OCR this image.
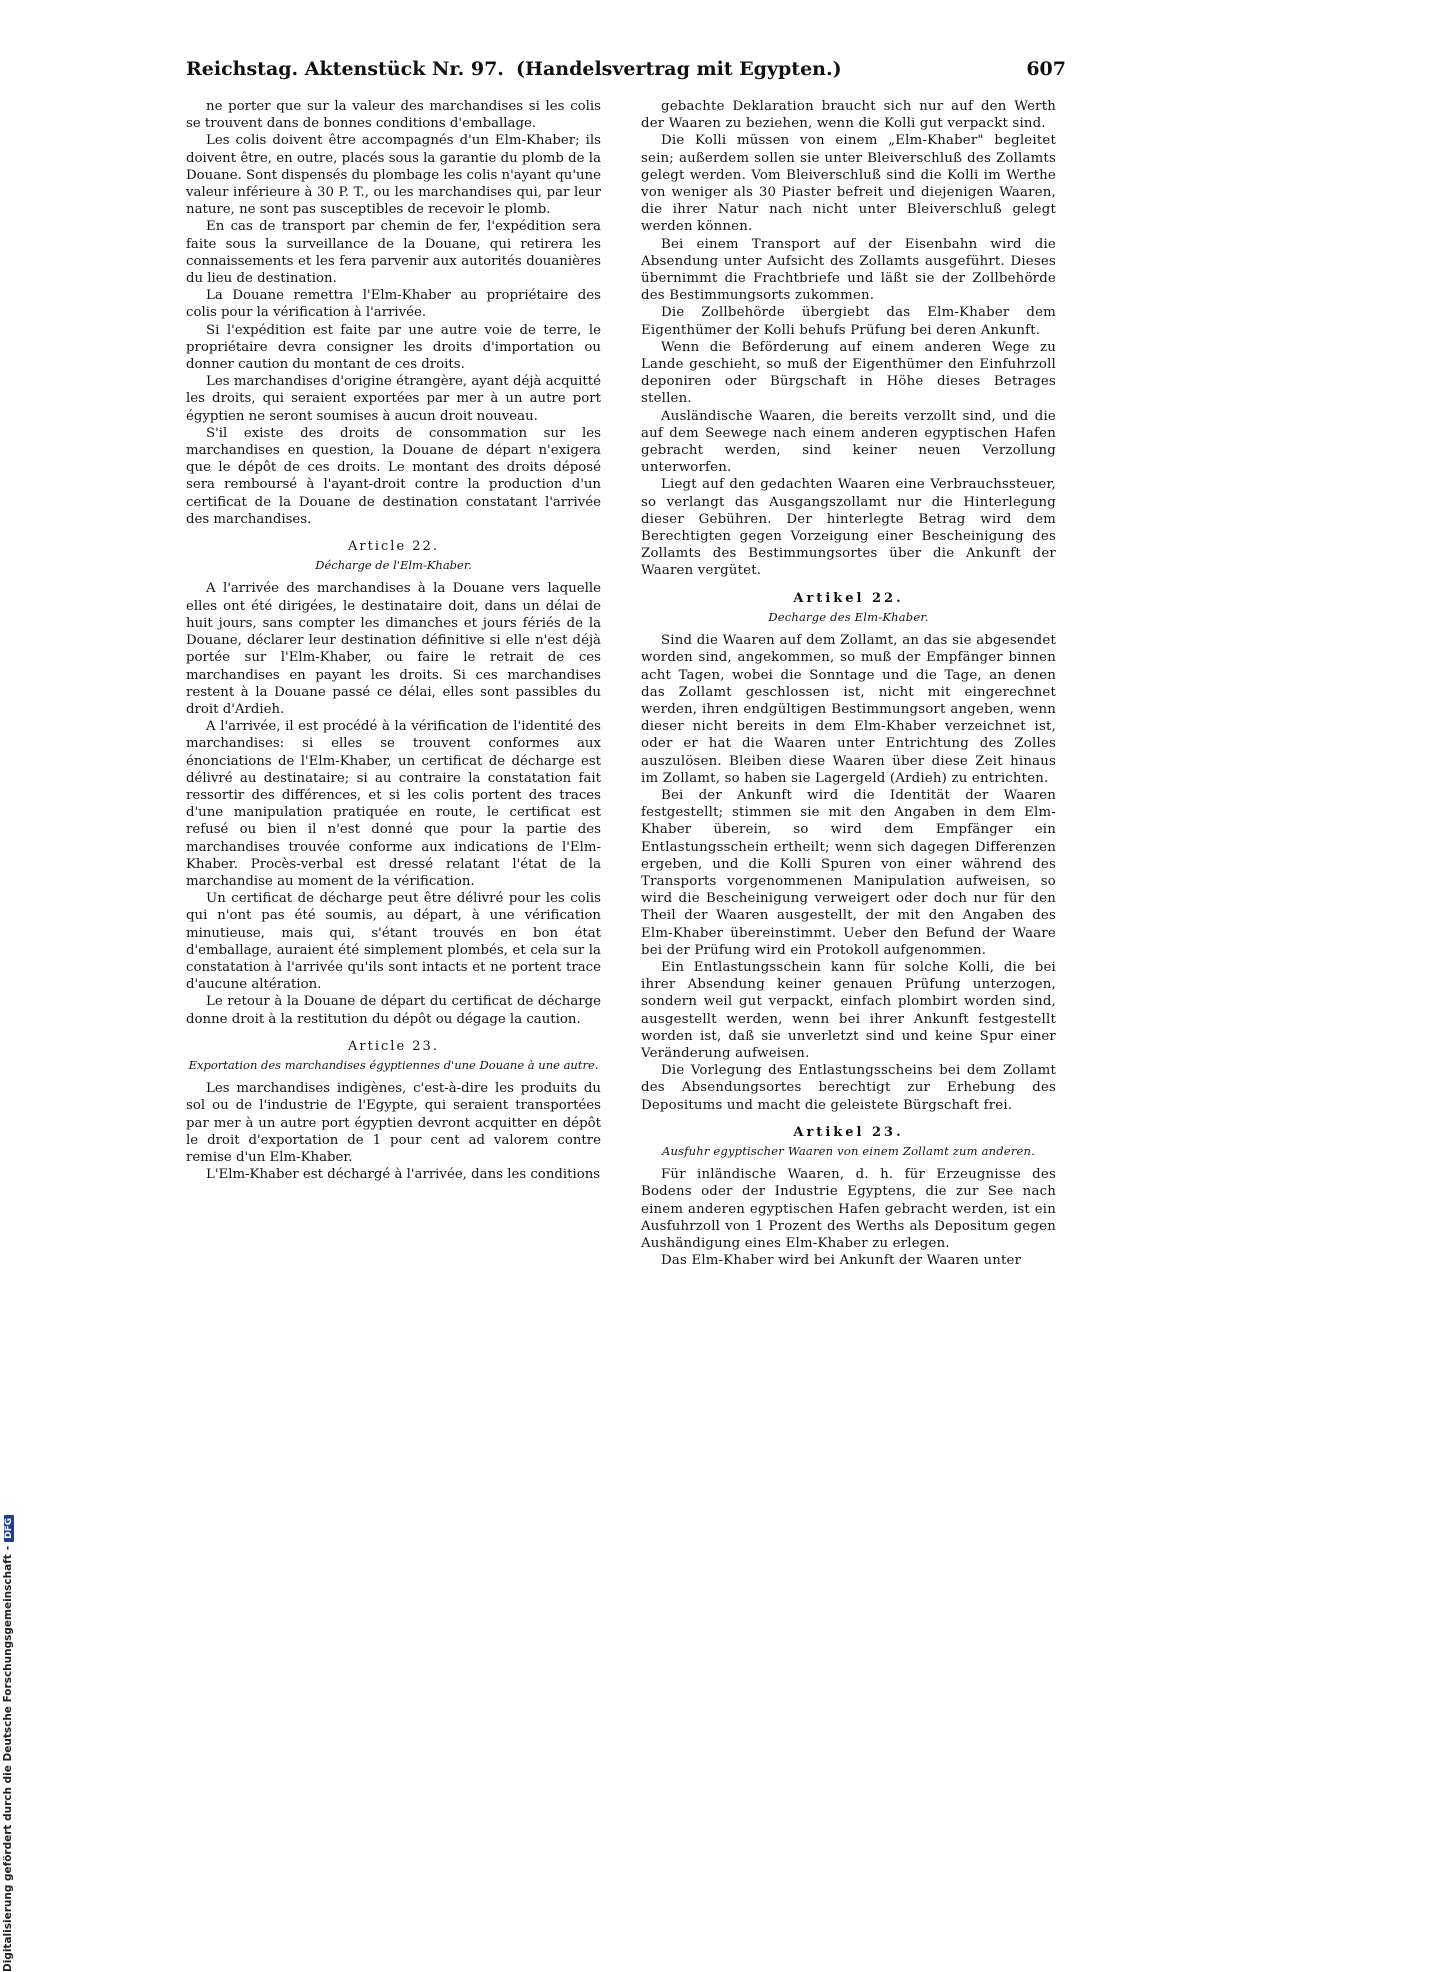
Digitalisierung gefördert durch die Deutsche Forschungsgemeinschaft-DFG
Reichstag. Aktenstück Nr. 97. (Handelsvertrag mit Egypten.)	607

ne porter que sur la valeur des marchandises si les colis se trouvent dans de bonnes conditions d'emballage.

Les colis doivent être accompagnés d'un Elm-Khaber; ils doivent être, en outre, placés sous la garantie du plomb de la Douane. Sont dispensés du plombage les colis n'ayant qu'une valeur inférieure à 30 P. T., ou les marchandises qui, par leur nature, ne sont pas susceptibles de recevoir le plomb.

En cas de transport par chemin de fer, l'expédition sera faite sous la surveillance de la Douane, qui retirera les connaissements et les fera parvenir aux autorités douanières du lieu de destination.

La Douane remettra l'Elm-Khaber au propriétaire des colis pour la vérification à l'arrivée.

Si l'expédition est faite par une autre voie de terre, le propriétaire devra consigner les droits d'importation ou donner caution du montant de ces droits.

Les marchandises d'origine étrangère, ayant déjà acquitté les droits, qui seraient exportées par mer à un autre port égyptien ne seront soumises à aucun droit nouveau.

S'il existe des droits de consommation sur les marchandises en question, la Douane de départ n'exigera que le dépôt de ces droits. Le montant des droits déposé sera remboursé à l'ayant-droit contre la production d'un certificat de la Douane de destination constatant l'arrivée des marchandises.

Article 22.
Décharge de l'Elm-Khaber.

A l'arrivée des marchandises à la Douane vers laquelle elles ont été dirigées, le destinataire doit, dans un délai de huit jours, sans compter les dimanches et jours fériés de la Douane, déclarer leur destination définitive si elle n'est déjà portée sur l'Elm-Khaber, ou faire le retrait de ces marchandises en payant les droits. Si ces marchandises restent à la Douane passé ce délai, elles sont passibles du droit d'Ardieh.

A l'arrivée, il est procédé à la vérification de l'identité des marchandises: si elles se trouvent conformes aux énonciations de l'Elm-Khaber, un certificat de décharge est délivré au destinataire; si au contraire la constatation fait ressortir des différences, et si les colis portent des traces d'une manipulation pratiquée en route, le certificat est refusé ou bien il n'est donné que pour la partie des marchandises trouvée conforme aux indications de l'Elm-Khaber. Procès-verbal est dressé relatant l'état de la marchandise au moment de la vérification.

Un certificat de décharge peut être délivré pour les colis qui n'ont pas été soumis, au départ, à une vérification minutieuse, mais qui, s'étant trouvés en bon état d'emballage, auraient été simplement plombés, et cela sur la constatation à l'arrivée qu'ils sont intacts et ne portent trace d'aucune altération.

Le retour à la Douane de départ du certificat de décharge donne droit à la restitution du dépôt ou dégage la caution.

Article 23.
Exportation des marchandises égyptiennes d'une Douane à une autre.

Les marchandises indigènes, c'est-à-dire les produits du sol ou de l'industrie de l'Egypte, qui seraient transportées par mer à un autre port égyptien devront acquitter en dépôt le droit d'exportation de 1 pour cent ad valorem contre remise d'un Elm-Khaber.

L'Elm-Khaber est déchargé à l'arrivée, dans les conditions

gebachte Deklaration braucht sich nur auf den Werth der Waaren zu beziehen, wenn die Kolli gut verpackt sind.

Die Kolli müssen von einem „Elm-Khaber" begleitet sein; außerdem sollen sie unter Bleiverschluß des Zollamts gelegt werden. Vom Bleiverschluß sind die Kolli im Werthe von weniger als 30 Piaster befreit und diejenigen Waaren, die ihrer Natur nach nicht unter Bleiverschluß gelegt werden können.

Bei einem Transport auf der Eisenbahn wird die Absendung unter Aufsicht des Zollamts ausgeführt. Dieses übernimmt die Frachtbriefe und läßt sie der Zollbehörde des Bestimmungsorts zukommen.

Die Zollbehörde übergiebt das Elm-Khaber dem Eigenthümer der Kolli behufs Prüfung bei deren Ankunft.

Wenn die Beförderung auf einem anderen Wege zu Lande geschieht, so muß der Eigenthümer den Einfuhrzoll deponiren oder Bürgschaft in Höhe dieses Betrages stellen.

Ausländische Waaren, die bereits verzollt sind, und die auf dem Seewege nach einem anderen egyptischen Hafen gebracht werden, sind keiner neuen Verzollung unterworfen.

Liegt auf den gedachten Waaren eine Verbrauchssteuer, so verlangt das Ausgangszollamt nur die Hinterlegung dieser Gebühren. Der hinterlegte Betrag wird dem Berechtigten gegen Vorzeigung einer Bescheinigung des Zollamts des Bestimmungsortes über die Ankunft der Waaren vergütet.

Artikel 22.
Decharge des Elm-Khaber.

Sind die Waaren auf dem Zollamt, an das sie abgesendet worden sind, angekommen, so muß der Empfänger binnen acht Tagen, wobei die Sonntage und die Tage, an denen das Zollamt geschlossen ist, nicht mit eingerechnet werden, ihren endgültigen Bestimmungsort angeben, wenn dieser nicht bereits in dem Elm-Khaber verzeichnet ist, oder er hat die Waaren unter Entrichtung des Zolles auszulösen. Bleiben diese Waaren über diese Zeit hinaus im Zollamt, so haben sie Lagergeld (Ardieh) zu entrichten.

Bei der Ankunft wird die Identität der Waaren festgestellt; stimmen sie mit den Angaben in dem Elm-Khaber überein, so wird dem Empfänger ein Entlastungsschein ertheilt; wenn sich dagegen Differenzen ergeben, und die Kolli Spuren von einer während des Transports vorgenommenen Manipulation aufweisen, so wird die Bescheinigung verweigert oder doch nur für den Theil der Waaren ausgestellt, der mit den Angaben des Elm-Khaber übereinstimmt. Ueber den Befund der Waare bei der Prüfung wird ein Protokoll aufgenommen.

Ein Entlastungsschein kann für solche Kolli, die bei ihrer Absendung keiner genauen Prüfung unterzogen, sondern weil gut verpackt, einfach plombirt worden sind, ausgestellt werden, wenn bei ihrer Ankunft festgestellt worden ist, daß sie unverletzt sind und keine Spur einer Veränderung aufweisen.

Die Vorlegung des Entlastungsscheins bei dem Zollamt des Absendungsortes berechtigt zur Erhebung des Depositums und macht die geleistete Bürgschaft frei.

Artikel 23.
Ausfuhr egyptischer Waaren von einem Zollamt zum anderen.

Für inländische Waaren, d. h. für Erzeugnisse des Bodens oder der Industrie Egyptens, die zur See nach einem anderen egyptischen Hafen gebracht werden, ist ein Ausfuhrzoll von 1 Prozent des Werths als Depositum gegen Aushändigung eines Elm-Khaber zu erlegen.

Das Elm-Khaber wird bei Ankunft der Waaren unter
